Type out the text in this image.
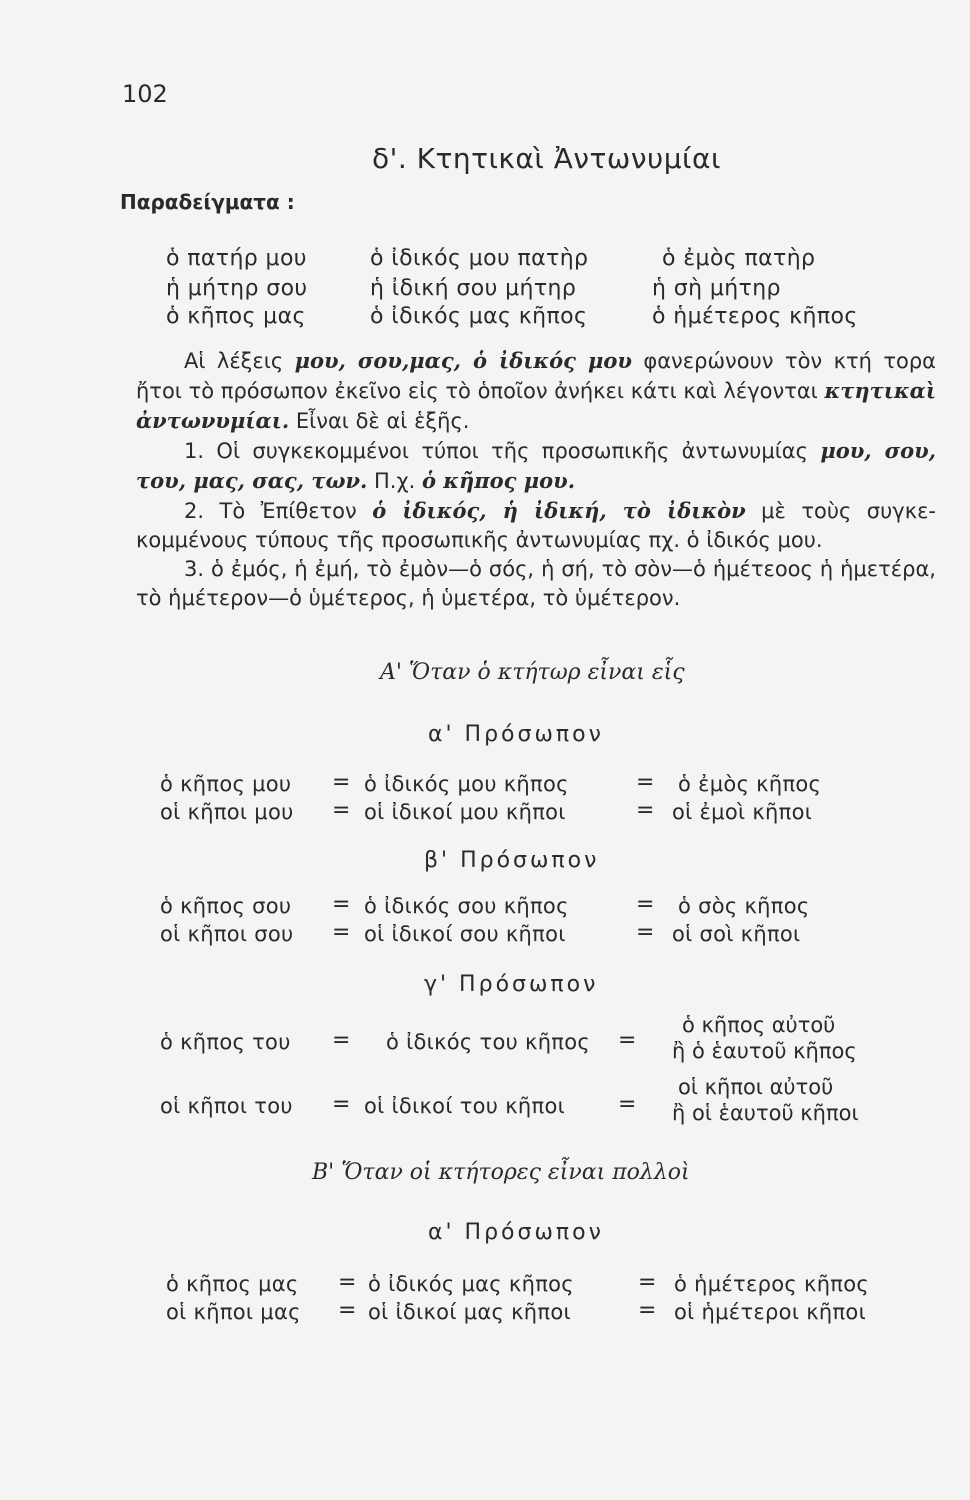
102
δ'. Κτητικαὶ Ἀντωνυμίαι
Παραδείγματα :
ὁ πατήρ μου	ὁ ἰδικός μου πατὴρ	ὁ ἐμὸς πατὴρ
ἡ μήτηρ σου	ἡ ἰδική σου μήτηρ	ἡ σὴ μήτηρ
ὁ κῆπος μας	ὁ ἰδικός μας κῆπος	ὁ ἡμέτερος κῆπος

Αἱ λέξεις μου, σου,μας, ὁ ἰδικός μου φανερώνουν τὸν κτή τορα ἤτοι τὸ πρόσωπον ἐκεῖνο εἰς τὸ ὁποῖον ἀνήκει κάτι καὶ λέγονται κτητικαὶ ἀντωνυμίαι. Εἶναι δὲ αἱ ἑξῆς.

1. Οἱ συγκεκομμένοι τύποι τῆς προσωπικῆς ἀντωνυμίας μου, σου, του, μας, σας, των. Π.χ. ὁ κῆπος μου.

2. Τὸ Ἐπίθετον ὁ ἰδικός, ἡ ἰδική, τὸ ἰδικὸν μὲ τοὺς συγκε- κομμένους τύπους τῆς προσωπικῆς ἀντωνυμίας πχ. ὁ ἰδικός μου.

3. ὁ ἐμός, ἡ ἐμή, τὸ ἐμὸν—ὁ σός, ἡ σή, τὸ σὸν—ὁ ἡμέτεοος ἡ ἡμετέρα, τὸ ἡμέτερον—ὁ ὑμέτερος, ἡ ὑμετέρα, τὸ ὑμέτερον.

Α' Ὅταν ὁ κτήτωρ εἶναι εἷς
α' Πρόσωπον
ὁ κῆπος μου = ὁ ἰδικός μου κῆπος	= ὁ ἐμὸς κῆπος
οἱ κῆποι μου = οἱ ἰδικοί μου κῆποι	= οἱ ἐμοὶ κῆποι
β' Πρόσωπον
ὁ κῆπος σου = ὁ ἰδικός σου κῆπος	= ὁ σὸς κῆπος
οἱ κῆποι σου = οἱ ἰδικοί σου κῆποι	= οἱ σοὶ κῆποι
γ' Πρόσωπον
ὁ κῆπος του = ὁ ἰδικός του κῆπος =
ὁ κῆπος αὐτοῦ
ἢ ὁ ἑαυτοῦ κῆπος
οἱ κῆποι του = οἱ ἰδικοί του κῆποι =
οἱ κῆποι αὐτοῦ
ἢ οἱ ἑαυτοῦ κῆποι
Β' Ὅταν οἱ κτήτορες εἶναι πολλοὶ
α' Πρόσωπον
ὁ κῆπος μας = ὁ ἰδικός μας κῆπος	= ὁ ἡμέτερος κῆπος
οἱ κῆποι μας = οἱ ἰδικοί μας κῆποι	= οἱ ἡμέτεροι κῆποι
